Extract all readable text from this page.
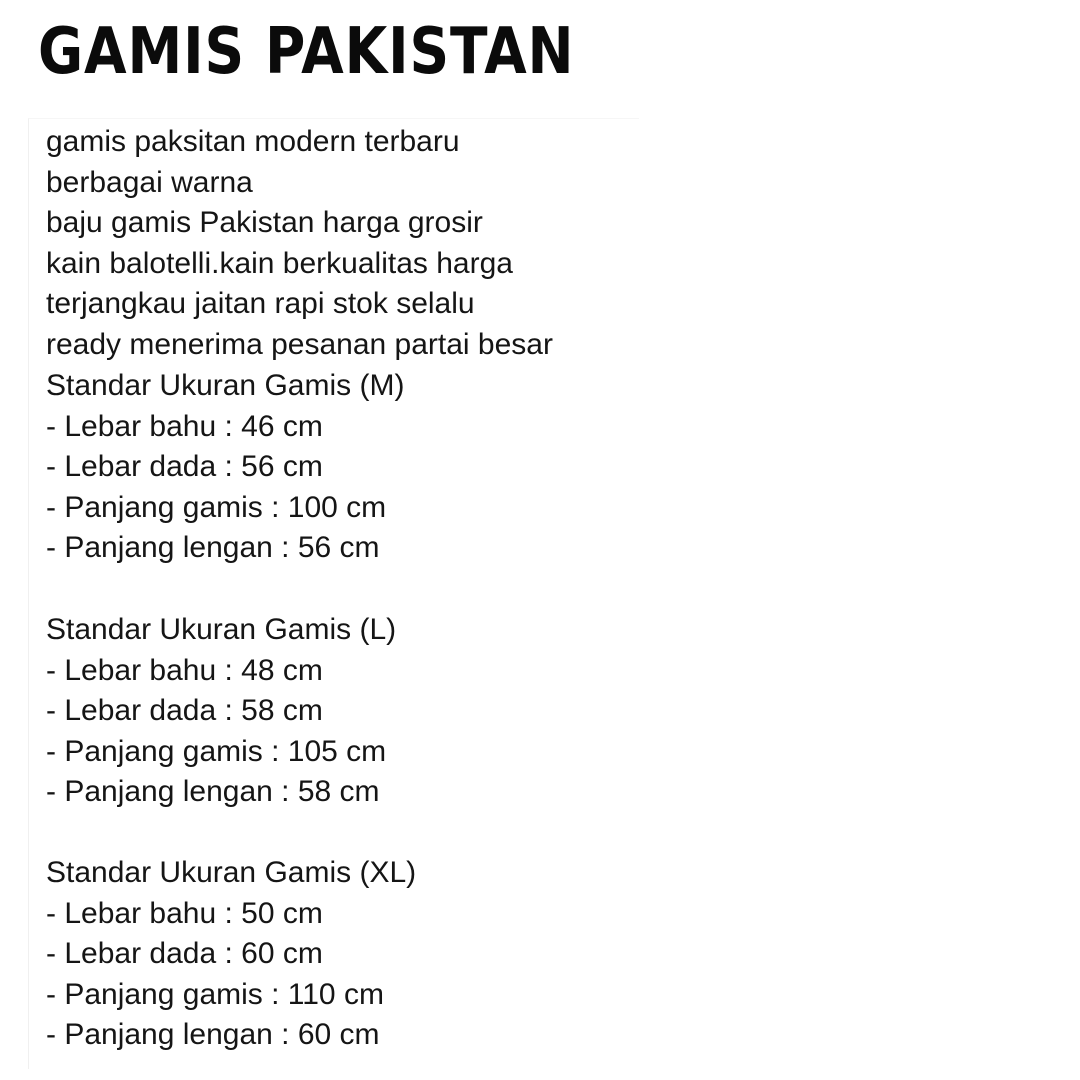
GAMIS PAKISTAN
gamis paksitan modern terbaru
berbagai warna
baju gamis Pakistan harga grosir
kain balotelli.kain berkualitas harga
terjangkau jaitan rapi stok selalu
ready menerima pesanan partai besar
Standar Ukuran Gamis (M)
- Lebar bahu : 46 cm
- Lebar dada : 56 cm
- Panjang gamis : 100 cm
- Panjang lengan : 56 cm
Standar Ukuran Gamis (L)
- Lebar bahu : 48 cm
- Lebar dada : 58 cm
- Panjang gamis : 105 cm
- Panjang lengan : 58 cm
Standar Ukuran Gamis (XL)
- Lebar bahu : 50 cm
- Lebar dada : 60 cm
- Panjang gamis : 110 cm
- Panjang lengan : 60 cm
